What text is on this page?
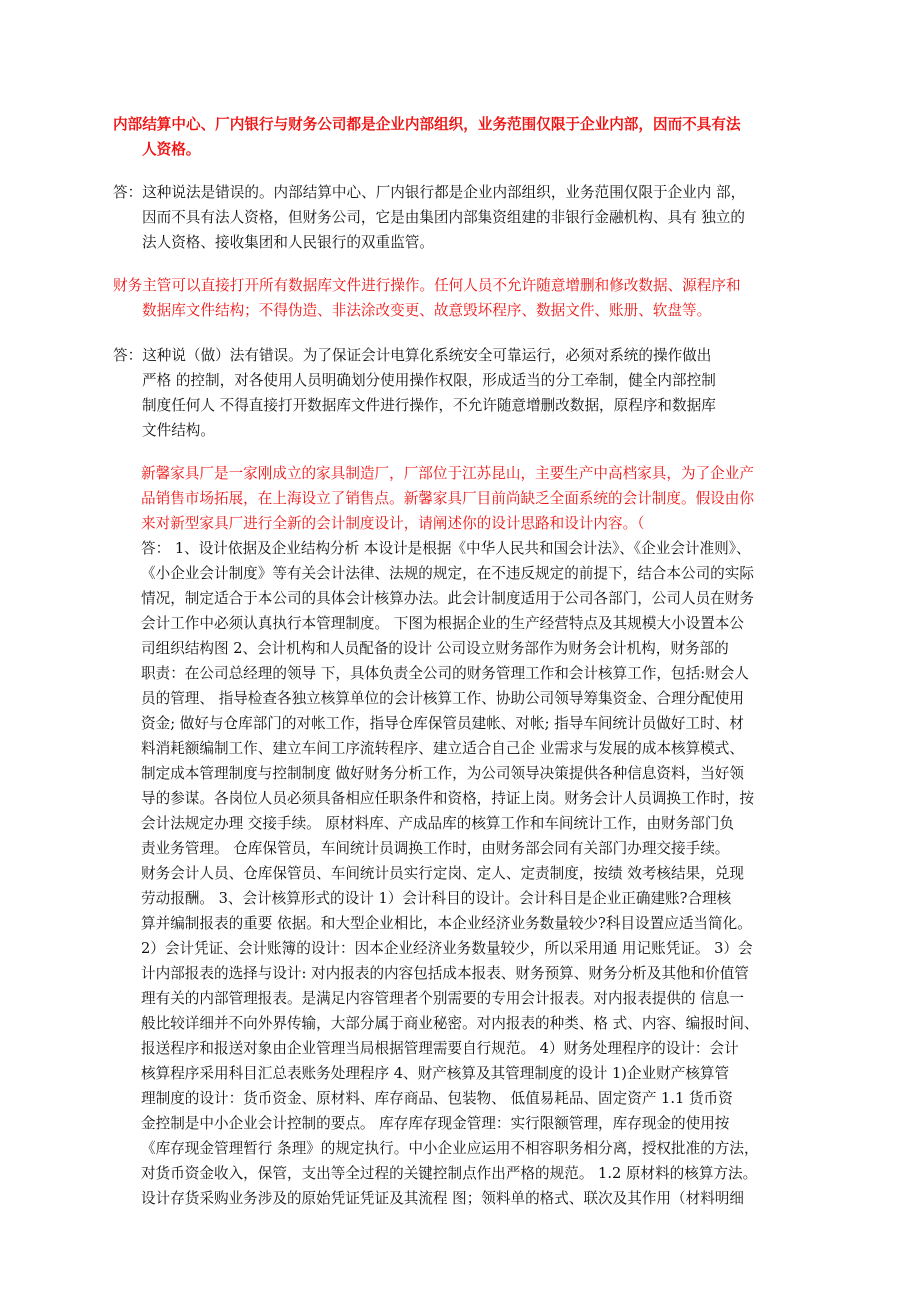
内部结算中心、厂内银行与财务公司都是企业内部组织，业务范围仅限于企业内部，因而不具有法
人资格。
答：这种说法是错误的。内部结算中心、厂内银行都是企业内部组织，业务范围仅限于企业内 部，
因而不具有法人资格，但财务公司，它是由集团内部集资组建的非银行金融机构、具有 独立的
法人资格、接收集团和人民银行的双重监管。
财务主管可以直接打开所有数据库文件进行操作。任何人员不允许随意增删和修改数据、源程序和
数据库文件结构；不得伪造、非法涂改变更、故意毁坏程序、数据文件、账册、软盘等。
答：这种说（做）法有错误。为了保证会计电算化系统安全可靠运行，必须对系统的操作做出
严格 的控制，对各使用人员明确划分使用操作权限，形成适当的分工牵制，健全内部控制
制度任何人 不得直接打开数据库文件进行操作，不允许随意增删改数据，原程序和数据库
文件结构。
新馨家具厂是一家刚成立的家具制造厂，厂部位于江苏昆山，主要生产中高档家具，为了企业产
品销售市场拓展，在上海设立了销售点。新馨家具厂目前尚缺乏全面系统的会计制度。假设由你
来对新型家具厂进行全新的会计制度设计，请阐述你的设计思路和设计内容。（
答： 1、设计依据及企业结构分析 本设计是根据《中华人民共和国会计法》、《企业会计准则》、
《小企业会计制度》等有关会计法律、法规的规定，在不违反规定的前提下，结合本公司的实际
情况，制定适合于本公司的具体会计核算办法。此会计制度适用于公司各部门，公司人员在财务
会计工作中必须认真执行本管理制度。 下图为根据企业的生产经营特点及其规模大小设置本公
司组织结构图 2、会计机构和人员配备的设计 公司设立财务部作为财务会计机构，财务部的
职责：在公司总经理的领导 下，具体负责全公司的财务管理工作和会计核算工作，包括:财会人
员的管理、 指导检查各独立核算单位的会计核算工作、协助公司领导筹集资金、合理分配使用
资金; 做好与仓库部门的对帐工作，指导仓库保管员建帐、对帐; 指导车间统计员做好工时、材
料消耗额编制工作、建立车间工序流转程序、建立适合自己企 业需求与发展的成本核算模式、
制定成本管理制度与控制制度 做好财务分析工作，为公司领导决策提供各种信息资料，当好领
导的参谋。各岗位人员必须具备相应任职条件和资格，持证上岗。财务会计人员调换工作时，按
会计法规定办理 交接手续。 原材料库、产成品库的核算工作和车间统计工作，由财务部门负
责业务管理。 仓库保管员，车间统计员调换工作时，由财务部会同有关部门办理交接手续。
财务会计人员、仓库保管员、车间统计员实行定岗、定人、定责制度，按绩 效考核结果，兑现
劳动报酬。 3、会计核算形式的设计 1）会计科目的设计。会计科目是企业正确建账?合理核
算并编制报表的重要 依据。和大型企业相比，本企业经济业务数量较少?科目设置应适当简化。
2）会计凭证、会计账簿的设计：因本企业经济业务数量较少，所以采用通 用记账凭证。 3）会
计内部报表的选择与设计: 对内报表的内容包括成本报表、财务预算、财务分析及其他和价值管
理有关的内部管理报表。是满足内容管理者个别需要的专用会计报表。对内报表提供的 信息一
般比较详细并不向外界传输，大部分属于商业秘密。对内报表的种类、格 式、内容、编报时间、
报送程序和报送对象由企业管理当局根据管理需要自行规范。 4）财务处理程序的设计：会计
核算程序采用科目汇总表账务处理程序 4、财产核算及其管理制度的设计 1)企业财产核算管
理制度的设计：货币资金、原材料、库存商品、包装物、 低值易耗品、固定资产 1.1 货币资
金控制是中小企业会计控制的要点。 库存库存现金管理：实行限额管理，库存现金的使用按
《库存现金管理暂行 条理》的规定执行。中小企业应运用不相容职务相分离，授权批准的方法，
对货币资金收入，保管，支出等全过程的关键控制点作出严格的规范。 1.2 原材料的核算方法。
设计存货采购业务涉及的原始凭证凭证及其流程 图；领料单的格式、联次及其作用（材料明细
